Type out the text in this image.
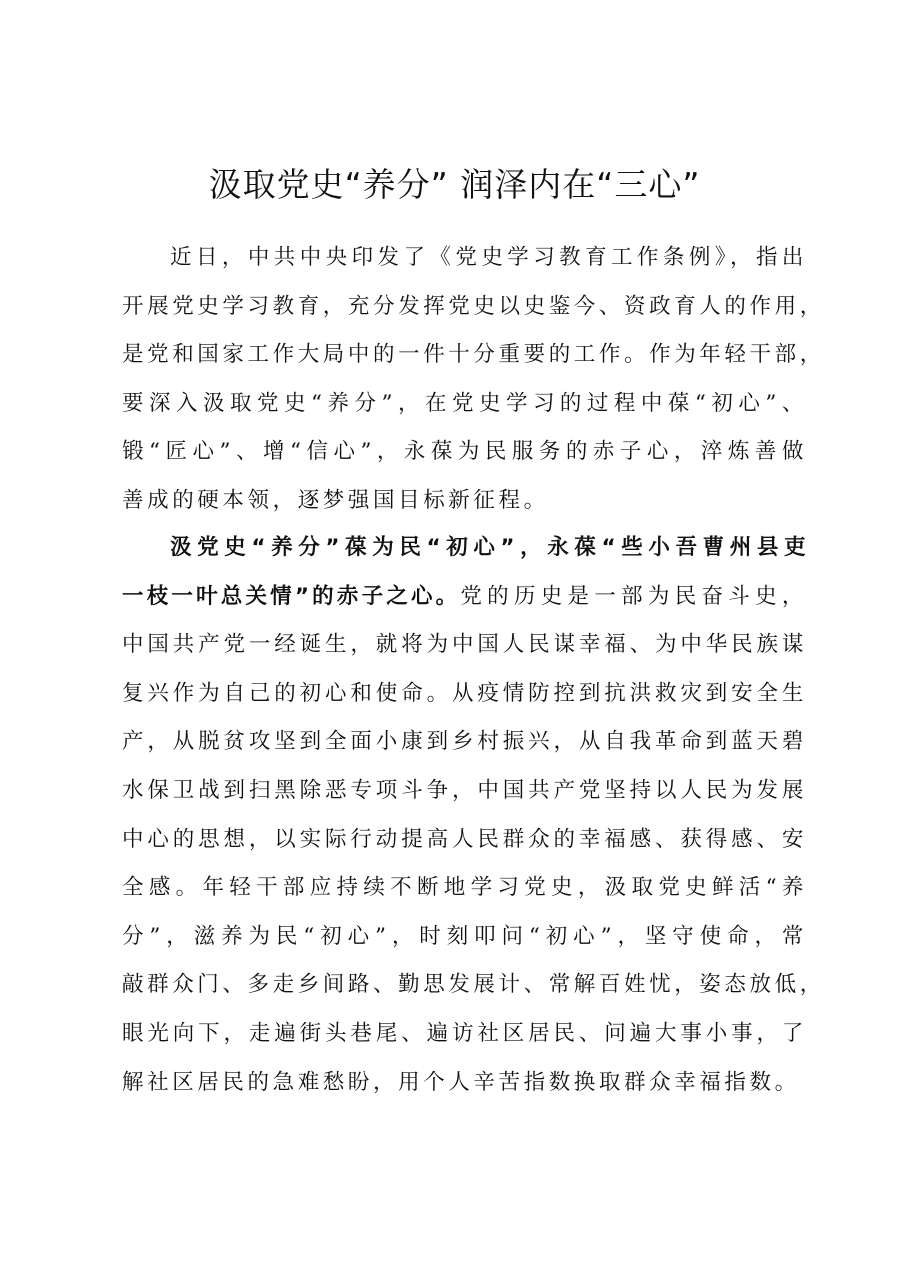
汲取党史“养分” 润泽内在“三心”
近日，中共中央印发了《党史学习教育工作条例》，指出
开展党史学习教育，充分发挥党史以史鉴今、资政育人的作用，
是党和国家工作大局中的一件十分重要的工作。作为年轻干部，
要深入汲取党史“养分”，在党史学习的过程中葆“初心”、
锻“匠心”、增“信心”，永葆为民服务的赤子心，淬炼善做
善成的硬本领，逐梦强国目标新征程。
汲党史“养分”葆为民“初心”，永葆“些小吾曹州县吏
一枝一叶总关情”的赤子之心。党的历史是一部为民奋斗史，
中国共产党一经诞生，就将为中国人民谋幸福、为中华民族谋
复兴作为自己的初心和使命。从疫情防控到抗洪救灾到安全生
产，从脱贫攻坚到全面小康到乡村振兴，从自我革命到蓝天碧
水保卫战到扫黑除恶专项斗争，中国共产党坚持以人民为发展
中心的思想，以实际行动提高人民群众的幸福感、获得感、安
全感。年轻干部应持续不断地学习党史，汲取党史鲜活“养
分”，滋养为民“初心”，时刻叩问“初心”，坚守使命，常
敲群众门、多走乡间路、勤思发展计、常解百姓忧，姿态放低，
眼光向下，走遍街头巷尾、遍访社区居民、问遍大事小事，了
解社区居民的急难愁盼，用个人辛苦指数换取群众幸福指数。
